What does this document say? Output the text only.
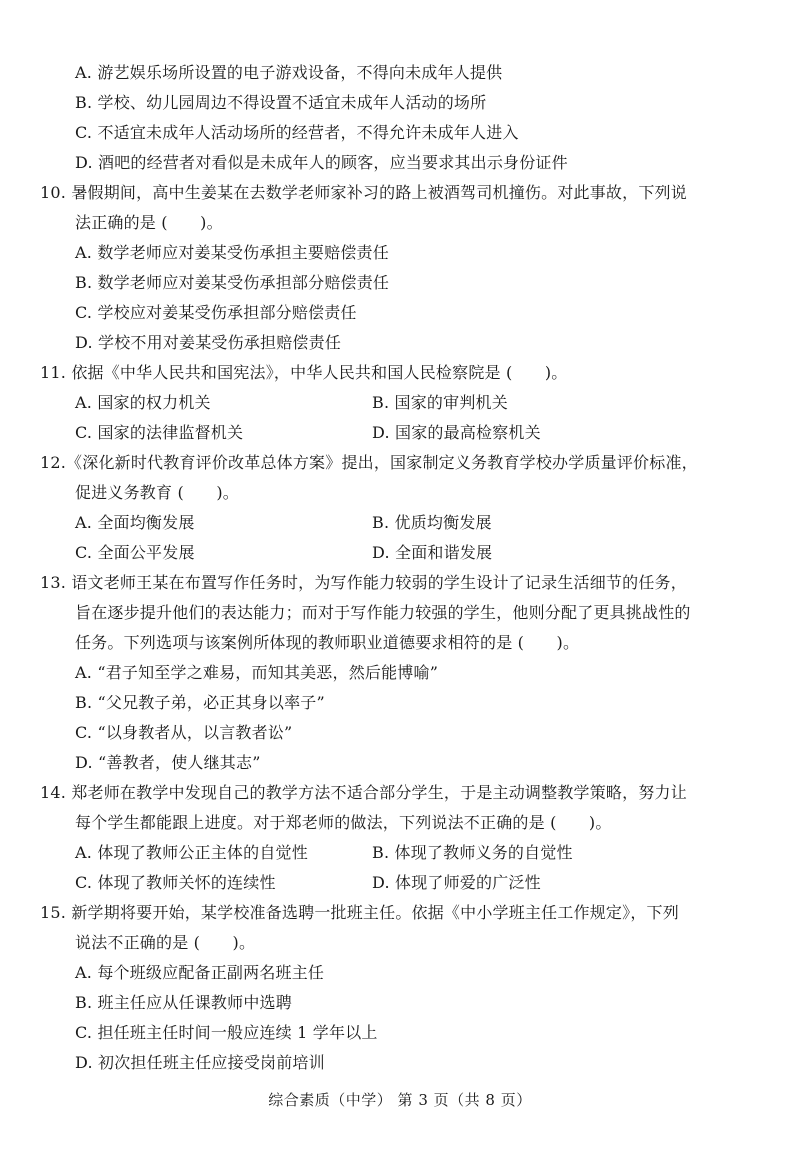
A. 游艺娱乐场所设置的电子游戏设备，不得向未成年人提供
B. 学校、幼儿园周边不得设置不适宜未成年人活动的场所
C. 不适宜未成年人活动场所的经营者，不得允许未成年人进入
D. 酒吧的经营者对看似是未成年人的顾客，应当要求其出示身份证件
10. 暑假期间，高中生姜某在去数学老师家补习的路上被酒驾司机撞伤。对此事故，下列说
法正确的是 (　　)。
A. 数学老师应对姜某受伤承担主要赔偿责任
B. 数学老师应对姜某受伤承担部分赔偿责任
C. 学校应对姜某受伤承担部分赔偿责任
D. 学校不用对姜某受伤承担赔偿责任
11. 依据《中华人民共和国宪法》，中华人民共和国人民检察院是 (　　)。
A. 国家的权力机关	B. 国家的审判机关
C. 国家的法律监督机关	D. 国家的最高检察机关
12.《深化新时代教育评价改革总体方案》提出，国家制定义务教育学校办学质量评价标准，
促进义务教育 (　　)。
A. 全面均衡发展	B. 优质均衡发展
C. 全面公平发展	D. 全面和谐发展
13. 语文老师王某在布置写作任务时，为写作能力较弱的学生设计了记录生活细节的任务，
旨在逐步提升他们的表达能力；而对于写作能力较强的学生，他则分配了更具挑战性的
任务。下列选项与该案例所体现的教师职业道德要求相符的是 (　　)。
A. “君子知至学之难易，而知其美恶，然后能博喻”
B. “父兄教子弟，必正其身以率子”
C. “以身教者从，以言教者讼”
D. “善教者，使人继其志”
14. 郑老师在教学中发现自己的教学方法不适合部分学生，于是主动调整教学策略，努力让
每个学生都能跟上进度。对于郑老师的做法，下列说法不正确的是 (　　)。
A. 体现了教师公正主体的自觉性	B. 体现了教师义务的自觉性
C. 体现了教师关怀的连续性	D. 体现了师爱的广泛性
15. 新学期将要开始，某学校准备选聘一批班主任。依据《中小学班主任工作规定》，下列
说法不正确的是 (　　)。
A. 每个班级应配备正副两名班主任
B. 班主任应从任课教师中选聘
C. 担任班主任时间一般应连续 1 学年以上
D. 初次担任班主任应接受岗前培训
综合素质（中学） 第 3 页（共 8 页）
